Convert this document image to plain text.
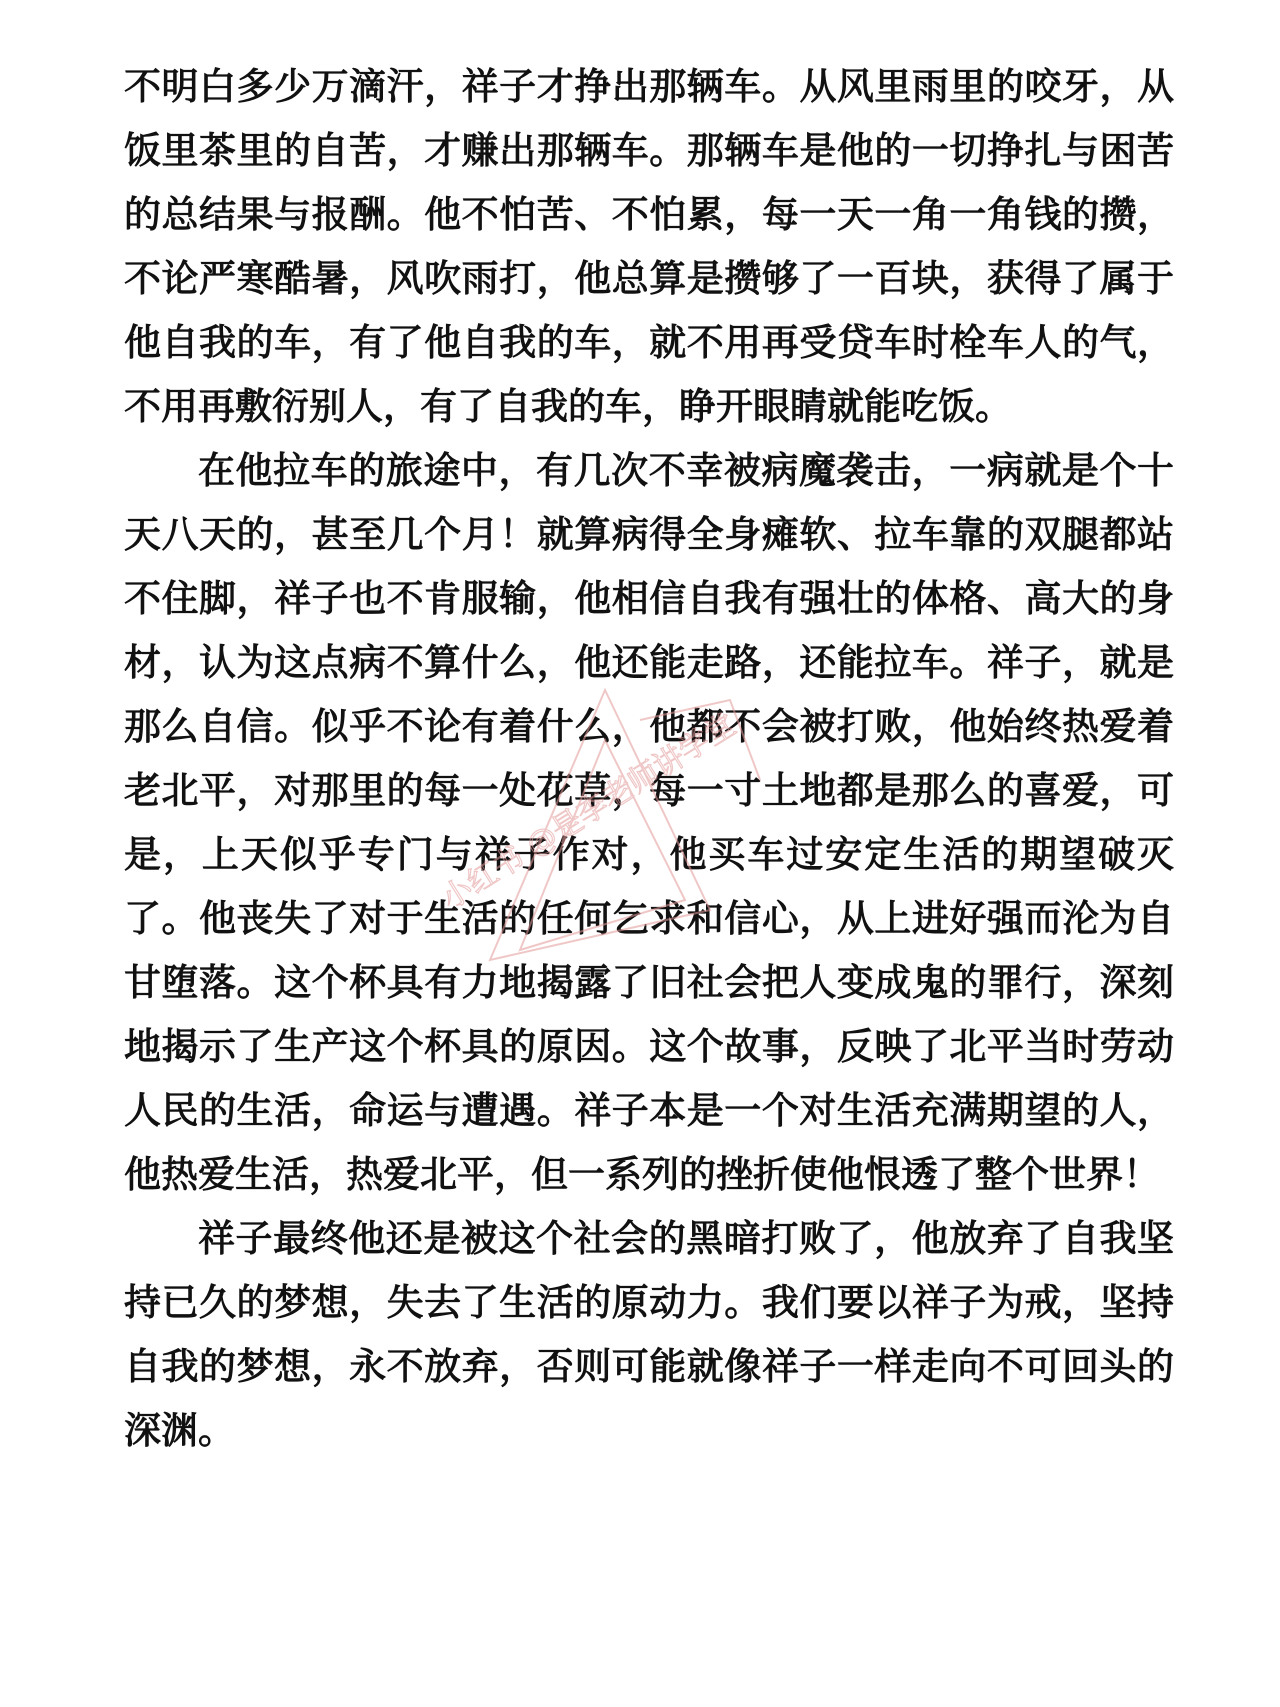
不明白多少万滴汗，祥子才挣出那辆车。从风里雨里的咬牙，从饭里茶里的自苦，才赚出那辆车。那辆车是他的一切挣扎与困苦的总结果与报酬。他不怕苦、不怕累，每一天一角一角钱的攒，不论严寒酷暑，风吹雨打，他总算是攒够了一百块，获得了属于他自我的车，有了他自我的车，就不用再受贷车时栓车人的气，不用再敷衍别人，有了自我的车，睁开眼睛就能吃饭。

在他拉车的旅途中，有几次不幸被病魔袭击，一病就是个十天八天的，甚至几个月！就算病得全身瘫软、拉车靠的双腿都站不住脚，祥子也不肯服输，他相信自我有强壮的体格、高大的身材，认为这点病不算什么，他还能走路，还能拉车。祥子，就是那么自信。似乎不论有着什么，他都不会被打败，他始终热爱着老北平，对那里的每一处花草，每一寸土地都是那么的喜爱，可是，上天似乎专门与祥子作对，他买车过安定生活的期望破灭了。他丧失了对于生活的任何乞求和信心，从上进好强而沦为自甘堕落。这个杯具有力地揭露了旧社会把人变成鬼的罪行，深刻地揭示了生产这个杯具的原因。这个故事，反映了北平当时劳动人民的生活，命运与遭遇。祥子本是一个对生活充满期望的人，他热爱生活，热爱北平，但一系列的挫折使他恨透了整个世界！

祥子最终他还是被这个社会的黑暗打败了，他放弃了自我坚持已久的梦想，失去了生活的原动力。我们要以祥子为戒，坚持自我的梦想，永不放弃，否则可能就像祥子一样走向不可回头的深渊。

小红书 @是李老师讲学堂
